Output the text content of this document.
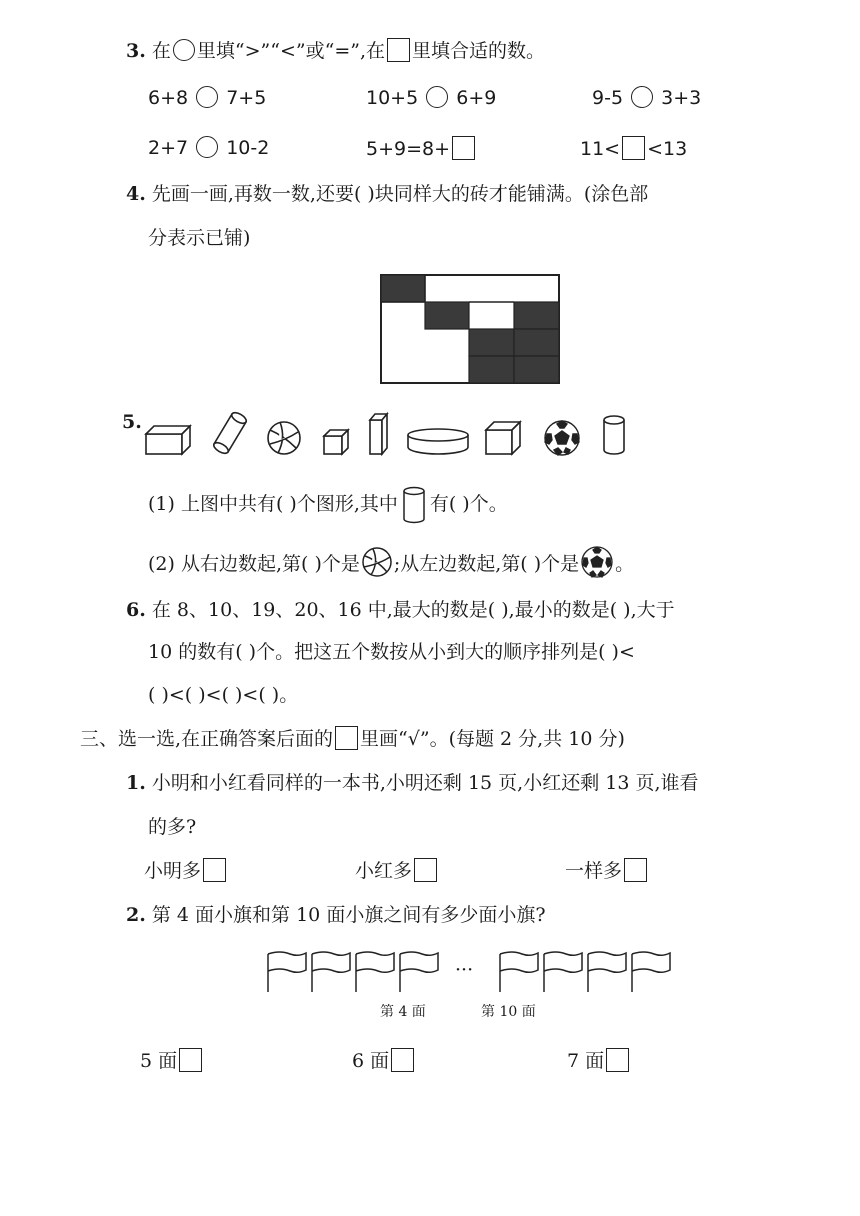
3. 在 里填“>”“<”或“=”,在 里填合适的数。
6+8 7+5	10+5 6+9	9-5 3+3
2+7 10-2	5+9=8+	11< <13
4. 先画一画,再数一数,还要( )块同样大的砖才能铺满。(涂色部
分表示已铺)
5.
(1) 上图中共有( )个图形,其中 有( )个。
(2) 从右边数起,第( )个是 ;从左边数起,第( )个是 。
6. 在 8、10、19、20、16 中,最大的数是( ),最小的数是( ),大于
10 的数有( )个。把这五个数按从小到大的顺序排列是( )<
( )<( )<( )<( )。
三、选一选,在正确答案后面的 里画“√”。(每题 2 分,共 10 分)
1. 小明和小红看同样的一本书,小明还剩 15 页,小红还剩 13 页,谁看
的多?
小明多	小红多	一样多
2. 第 4 面小旗和第 10 面小旗之间有多少面小旗?
···
第 4 面	第 10 面
5 面	6 面	7 面
